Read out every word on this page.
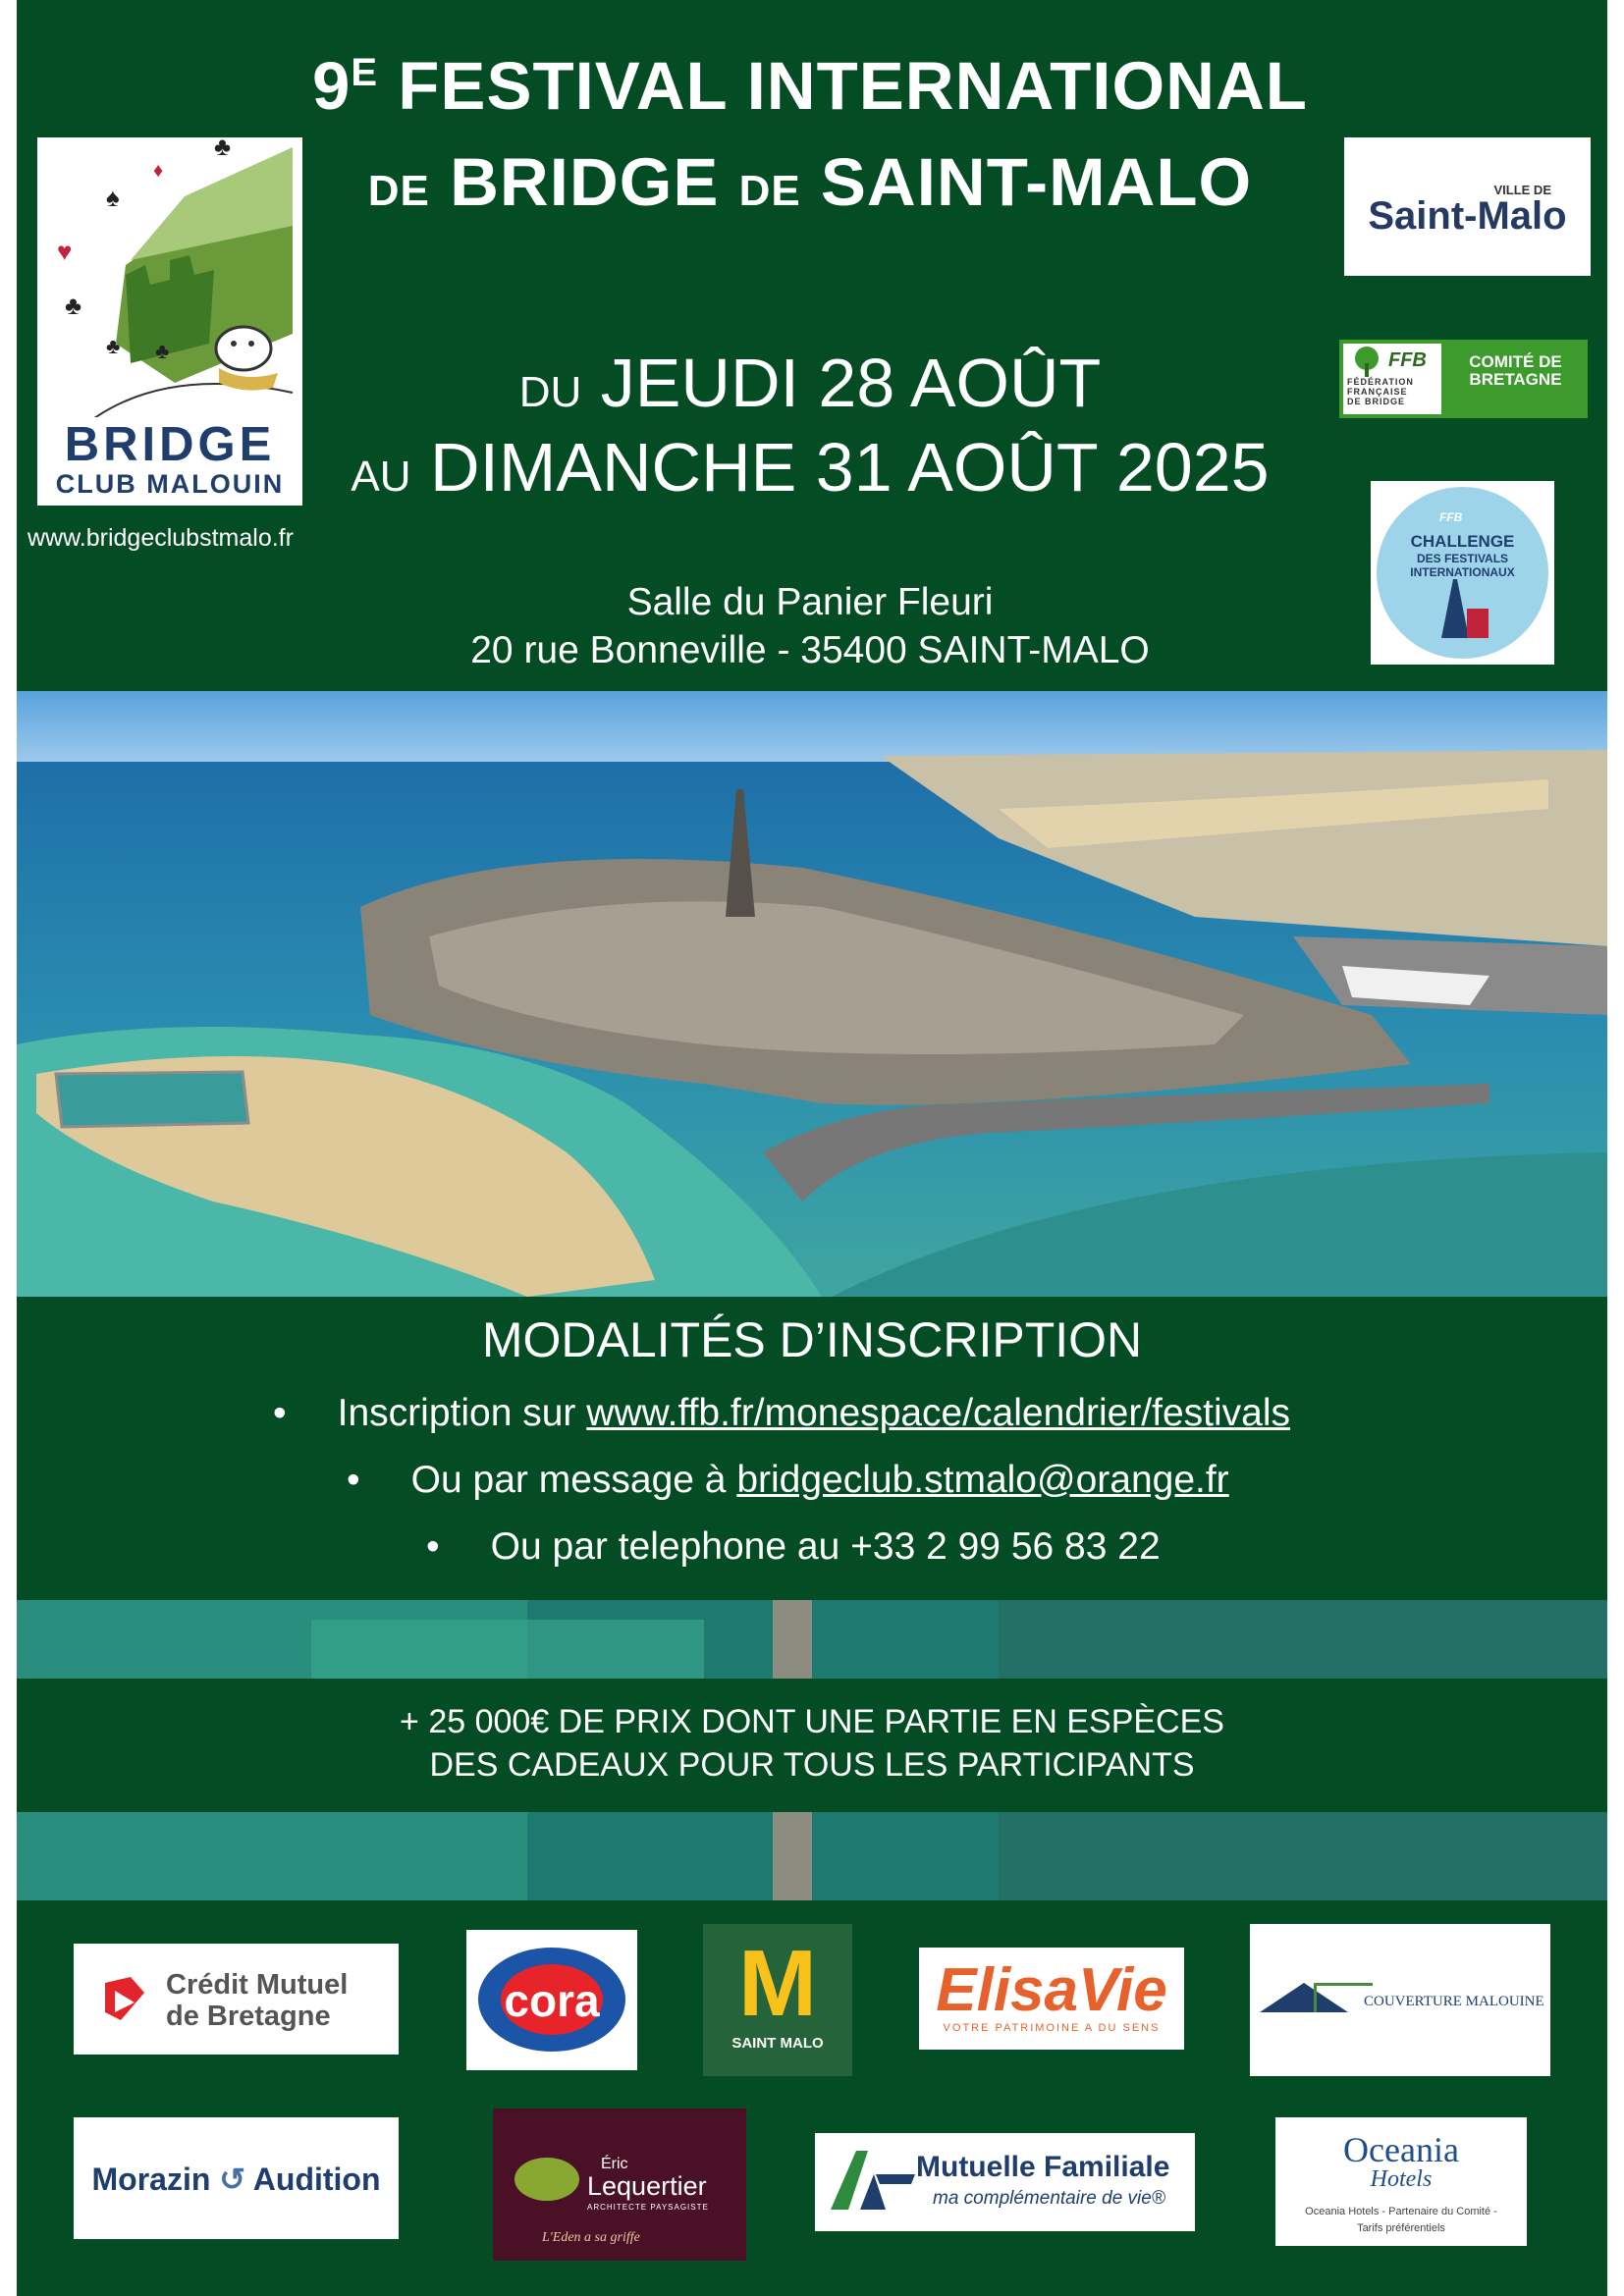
$9^E$ FESTIVAL INTERNATIONAL
DE BRIDGE DE SAINT-MALO
DU JEUDI 28 AOÛT
AU DIMANCHE 31 AOÛT 2025
Salle du Panier Fleuri
20 rue Bonneville - 35400 SAINT-MALO
♣
♠
♦
♥
♣
♣ ♣
BRIDGE
CLUB MALOUIN
www.bridgeclubstmalo.fr
VILLE DE
Saint-Malo
FFB
FÉDÉRATION
FRANÇAISE
DE BRIDGE
COMITÉ DE
BRETAGNE
FFB
CHALLENGE
DES FESTIVALS INTERNATIONAUX
MODALITÉS D’INSCRIPTION
• Inscription sur www.ffb.fr/monespace/calendrier/festivals
• Ou par message à bridgeclub.stmalo@orange.fr
• Ou par telephone au +33 2 99 56 83 22
+ 25 000€ DE PRIX DONT UNE PARTIE EN ESPÈCES
DES CADEAUX POUR TOUS LES PARTICIPANTS
Crédit Mutuel
de Bretagne	cora	M
SAINT MALO
ElisaVie
VOTRE PATRIMOINE A DU SENS
COUVERTURE MALOUINE
Morazin ↺ Audition	Éric
Lequertier
ARCHITECTE PAYSAGISTE
L'Eden a sa griffe
Mutuelle Familiale
ma complémentaire de vie®
Oceania
Hotels
Oceania Hotels - Partenaire du Comité -
Tarifs préférentiels
